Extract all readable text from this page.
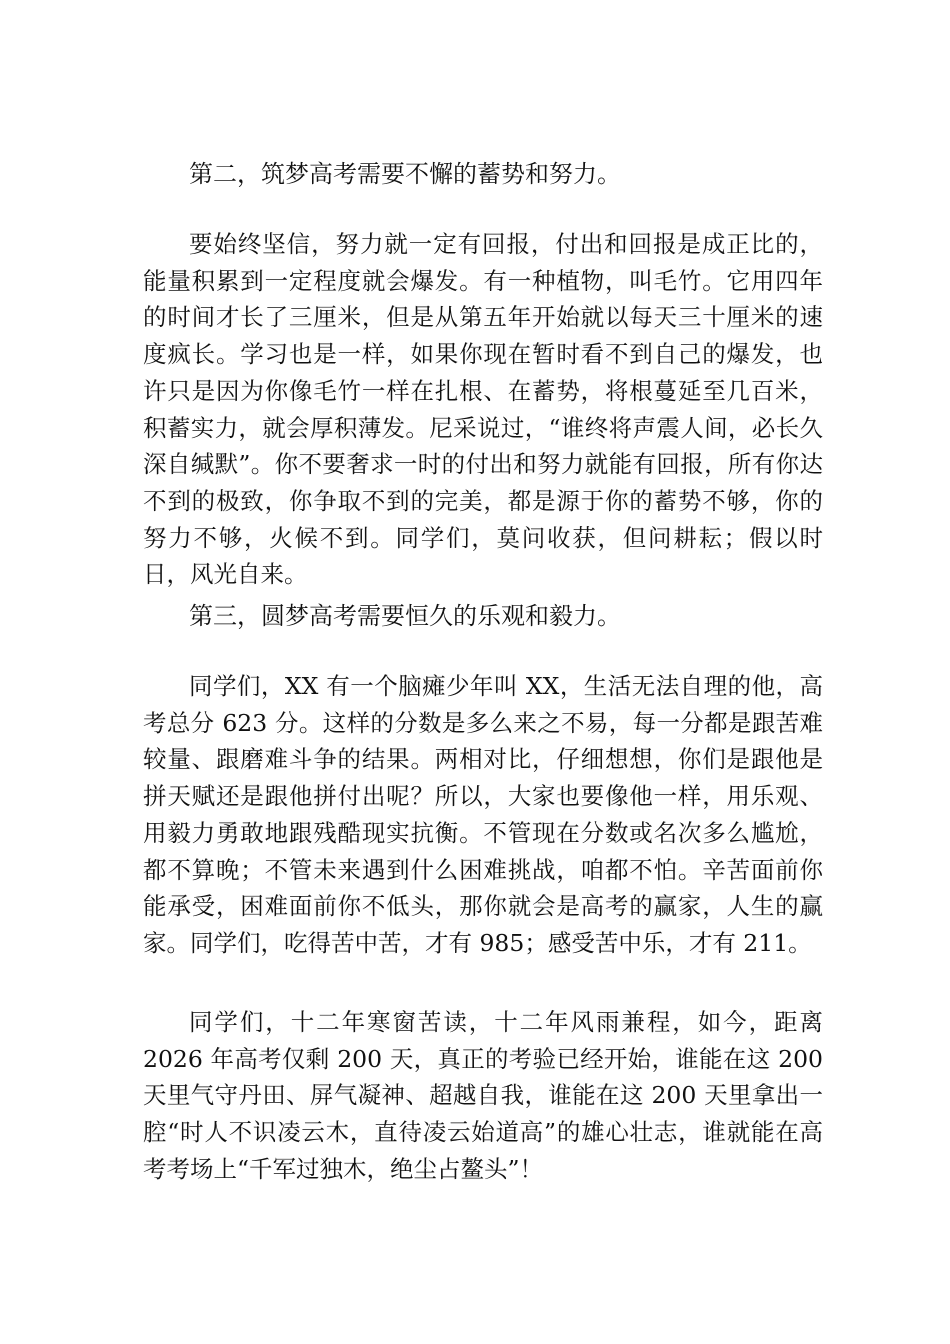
第二，筑梦高考需要不懈的蓄势和努力。
要始终坚信，努力就一定有回报，付出和回报是成正比的，能量积累到一定程度就会爆发。有一种植物，叫毛竹。它用四年的时间才长了三厘米，但是从第五年开始就以每天三十厘米的速度疯长。学习也是一样，如果你现在暂时看不到自己的爆发，也许只是因为你像毛竹一样在扎根、在蓄势，将根蔓延至几百米，积蓄实力，就会厚积薄发。尼采说过，“谁终将声震人间，必长久深自缄默”。你不要奢求一时的付出和努力就能有回报，所有你达不到的极致，你争取不到的完美，都是源于你的蓄势不够，你的努力不够，火候不到。同学们，莫问收获，但问耕耘；假以时日，风光自来。
第三，圆梦高考需要恒久的乐观和毅力。
同学们，XX 有一个脑瘫少年叫 XX，生活无法自理的他，高考总分 623 分。这样的分数是多么来之不易，每一分都是跟苦难较量、跟磨难斗争的结果。两相对比，仔细想想，你们是跟他是拼天赋还是跟他拼付出呢？所以，大家也要像他一样，用乐观、用毅力勇敢地跟残酷现实抗衡。不管现在分数或名次多么尴尬，都不算晚；不管未来遇到什么困难挑战，咱都不怕。辛苦面前你能承受，困难面前你不低头，那你就会是高考的赢家，人生的赢家。同学们，吃得苦中苦，才有 985；感受苦中乐，才有 211。
同学们，十二年寒窗苦读，十二年风雨兼程，如今，距离 2026 年高考仅剩 200 天，真正的考验已经开始，谁能在这 200 天里气守丹田、屏气凝神、超越自我，谁能在这 200 天里拿出一腔“时人不识凌云木，直待凌云始道高”的雄心壮志，谁就能在高考考场上“千军过独木，绝尘占鳌头”！
